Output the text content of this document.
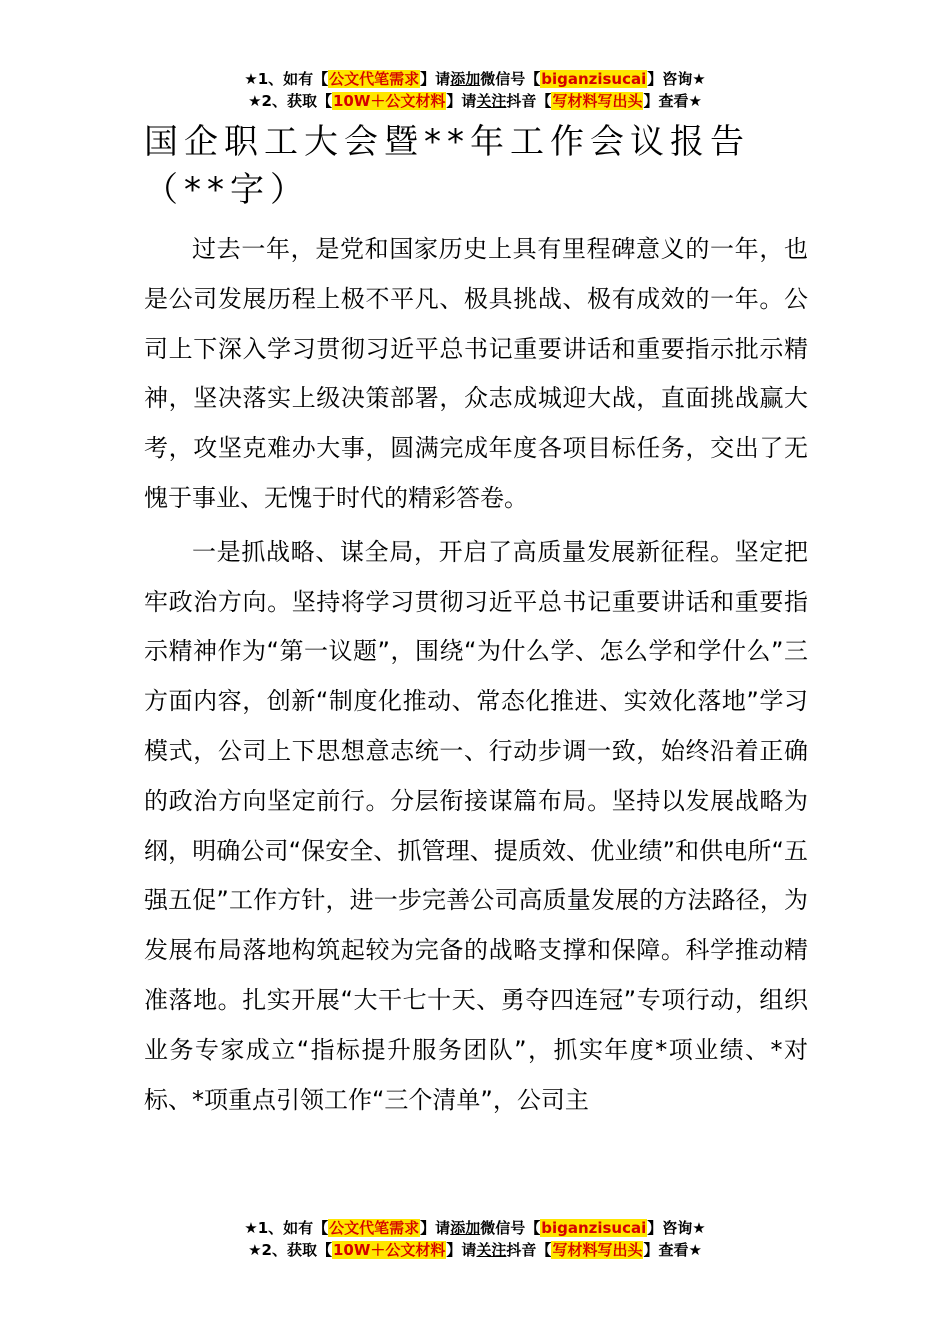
★1、如有【公文代笔需求】请添加微信号【biganzisucai】咨询★
★2、获取【10W＋公文材料】请关注抖音【写材料写出头】查看★
国企职工大会暨**年工作会议报告（**字）

过去一年，是党和国家历史上具有里程碑意义的一年，也是公司发展历程上极不平凡、极具挑战、极有成效的一年。公司上下深入学习贯彻习近平总书记重要讲话和重要指示批示精神，坚决落实上级决策部署，众志成城迎大战，直面挑战赢大考，攻坚克难办大事，圆满完成年度各项目标任务，交出了无愧于事业、无愧于时代的精彩答卷。

一是抓战略、谋全局，开启了高质量发展新征程。坚定把牢政治方向。坚持将学习贯彻习近平总书记重要讲话和重要指示精神作为“第一议题”，围绕“为什么学、怎么学和学什么”三方面内容，创新“制度化推动、常态化推进、实效化落地”学习模式，公司上下思想意志统一、行动步调一致，始终沿着正确的政治方向坚定前行。分层衔接谋篇布局。坚持以发展战略为纲，明确公司“保安全、抓管理、提质效、优业绩”和供电所“五强五促”工作方针，进一步完善公司高质量发展的方法路径，为发展布局落地构筑起较为完备的战略支撑和保障。科学推动精准落地。扎实开展“大干七十天、勇夺四连冠”专项行动，组织业务专家成立“指标提升服务团队”，抓实年度*项业绩、*对标、*项重点引领工作“三个清单”，公司主

★1、如有【公文代笔需求】请添加微信号【biganzisucai】咨询★
★2、获取【10W＋公文材料】请关注抖音【写材料写出头】查看★
